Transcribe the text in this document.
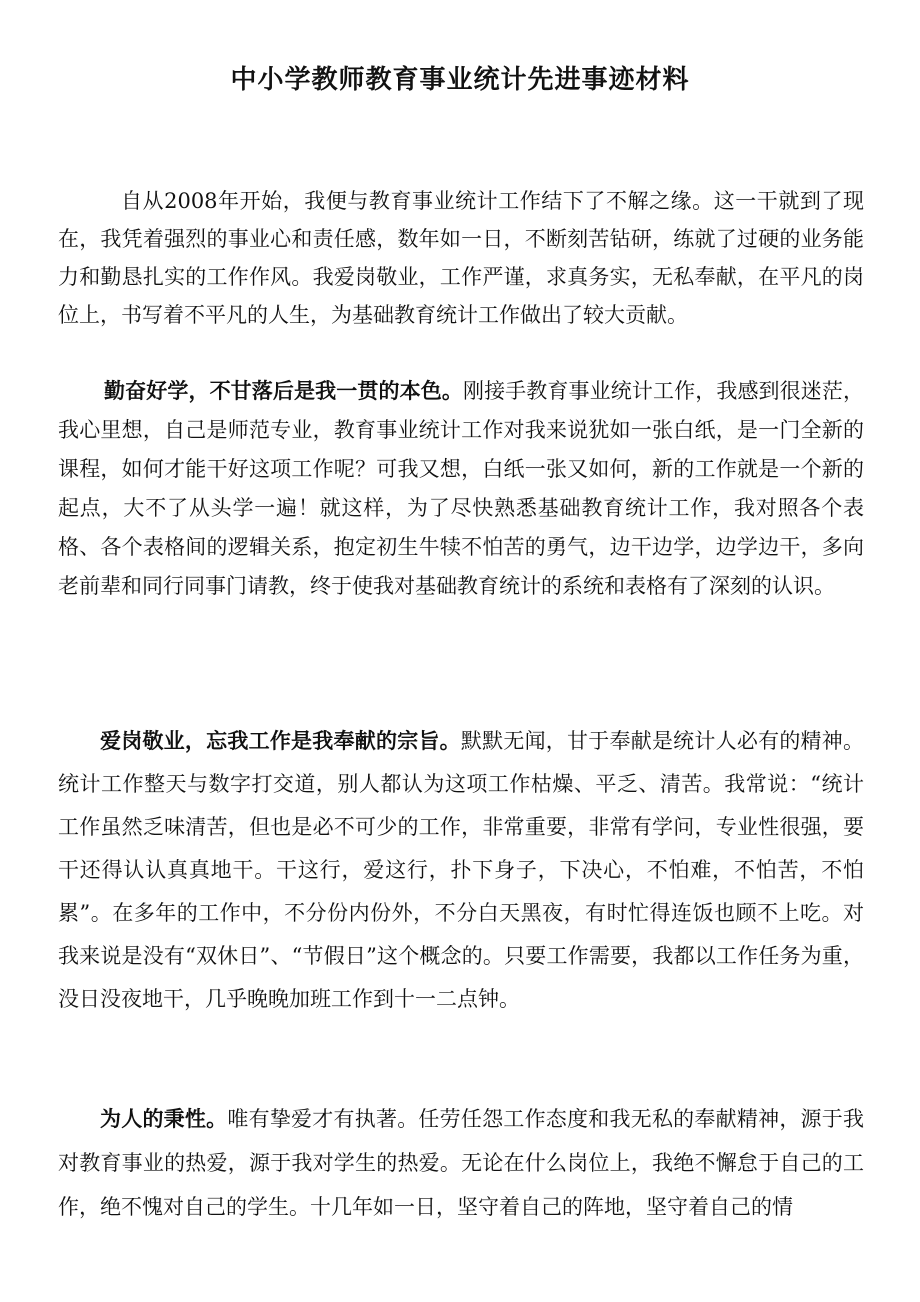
中小学教师教育事业统计先进事迹材料

自从2008年开始，我便与教育事业统计工作结下了不解之缘。这一干就到了现在，我凭着强烈的事业心和责任感，数年如一日，不断刻苦钻研，练就了过硬的业务能力和勤恳扎实的工作作风。我爱岗敬业，工作严谨，求真务实，无私奉献，在平凡的岗位上，书写着不平凡的人生，为基础教育统计工作做出了较大贡献。

勤奋好学，不甘落后是我一贯的本色。刚接手教育事业统计工作，我感到很迷茫，我心里想，自己是师范专业，教育事业统计工作对我来说犹如一张白纸，是一门全新的课程，如何才能干好这项工作呢？可我又想，白纸一张又如何，新的工作就是一个新的起点，大不了从头学一遍！就这样，为了尽快熟悉基础教育统计工作，我对照各个表格、各个表格间的逻辑关系，抱定初生牛犊不怕苦的勇气，边干边学，边学边干，多向老前辈和同行同事门请教，终于使我对基础教育统计的系统和表格有了深刻的认识。

爱岗敬业，忘我工作是我奉献的宗旨。默默无闻，甘于奉献是统计人必有的精神。统计工作整天与数字打交道，别人都认为这项工作枯燥、平乏、清苦。我常说：“统计工作虽然乏味清苦，但也是必不可少的工作，非常重要，非常有学问，专业性很强，要干还得认认真真地干。干这行，爱这行，扑下身子，下决心，不怕难，不怕苦，不怕累”。在多年的工作中，不分份内份外，不分白天黑夜，有时忙得连饭也顾不上吃。对我来说是没有“双休日”、“节假日”这个概念的。只要工作需要，我都以工作任务为重，没日没夜地干，几乎晚晚加班工作到十一二点钟。

为人的秉性。唯有挚爱才有执著。任劳任怨工作态度和我无私的奉献精神，源于我对教育事业的热爱，源于我对学生的热爱。无论在什么岗位上，我绝不懈怠于自己的工作，绝不愧对自己的学生。十几年如一日，坚守着自己的阵地，坚守着自己的情
